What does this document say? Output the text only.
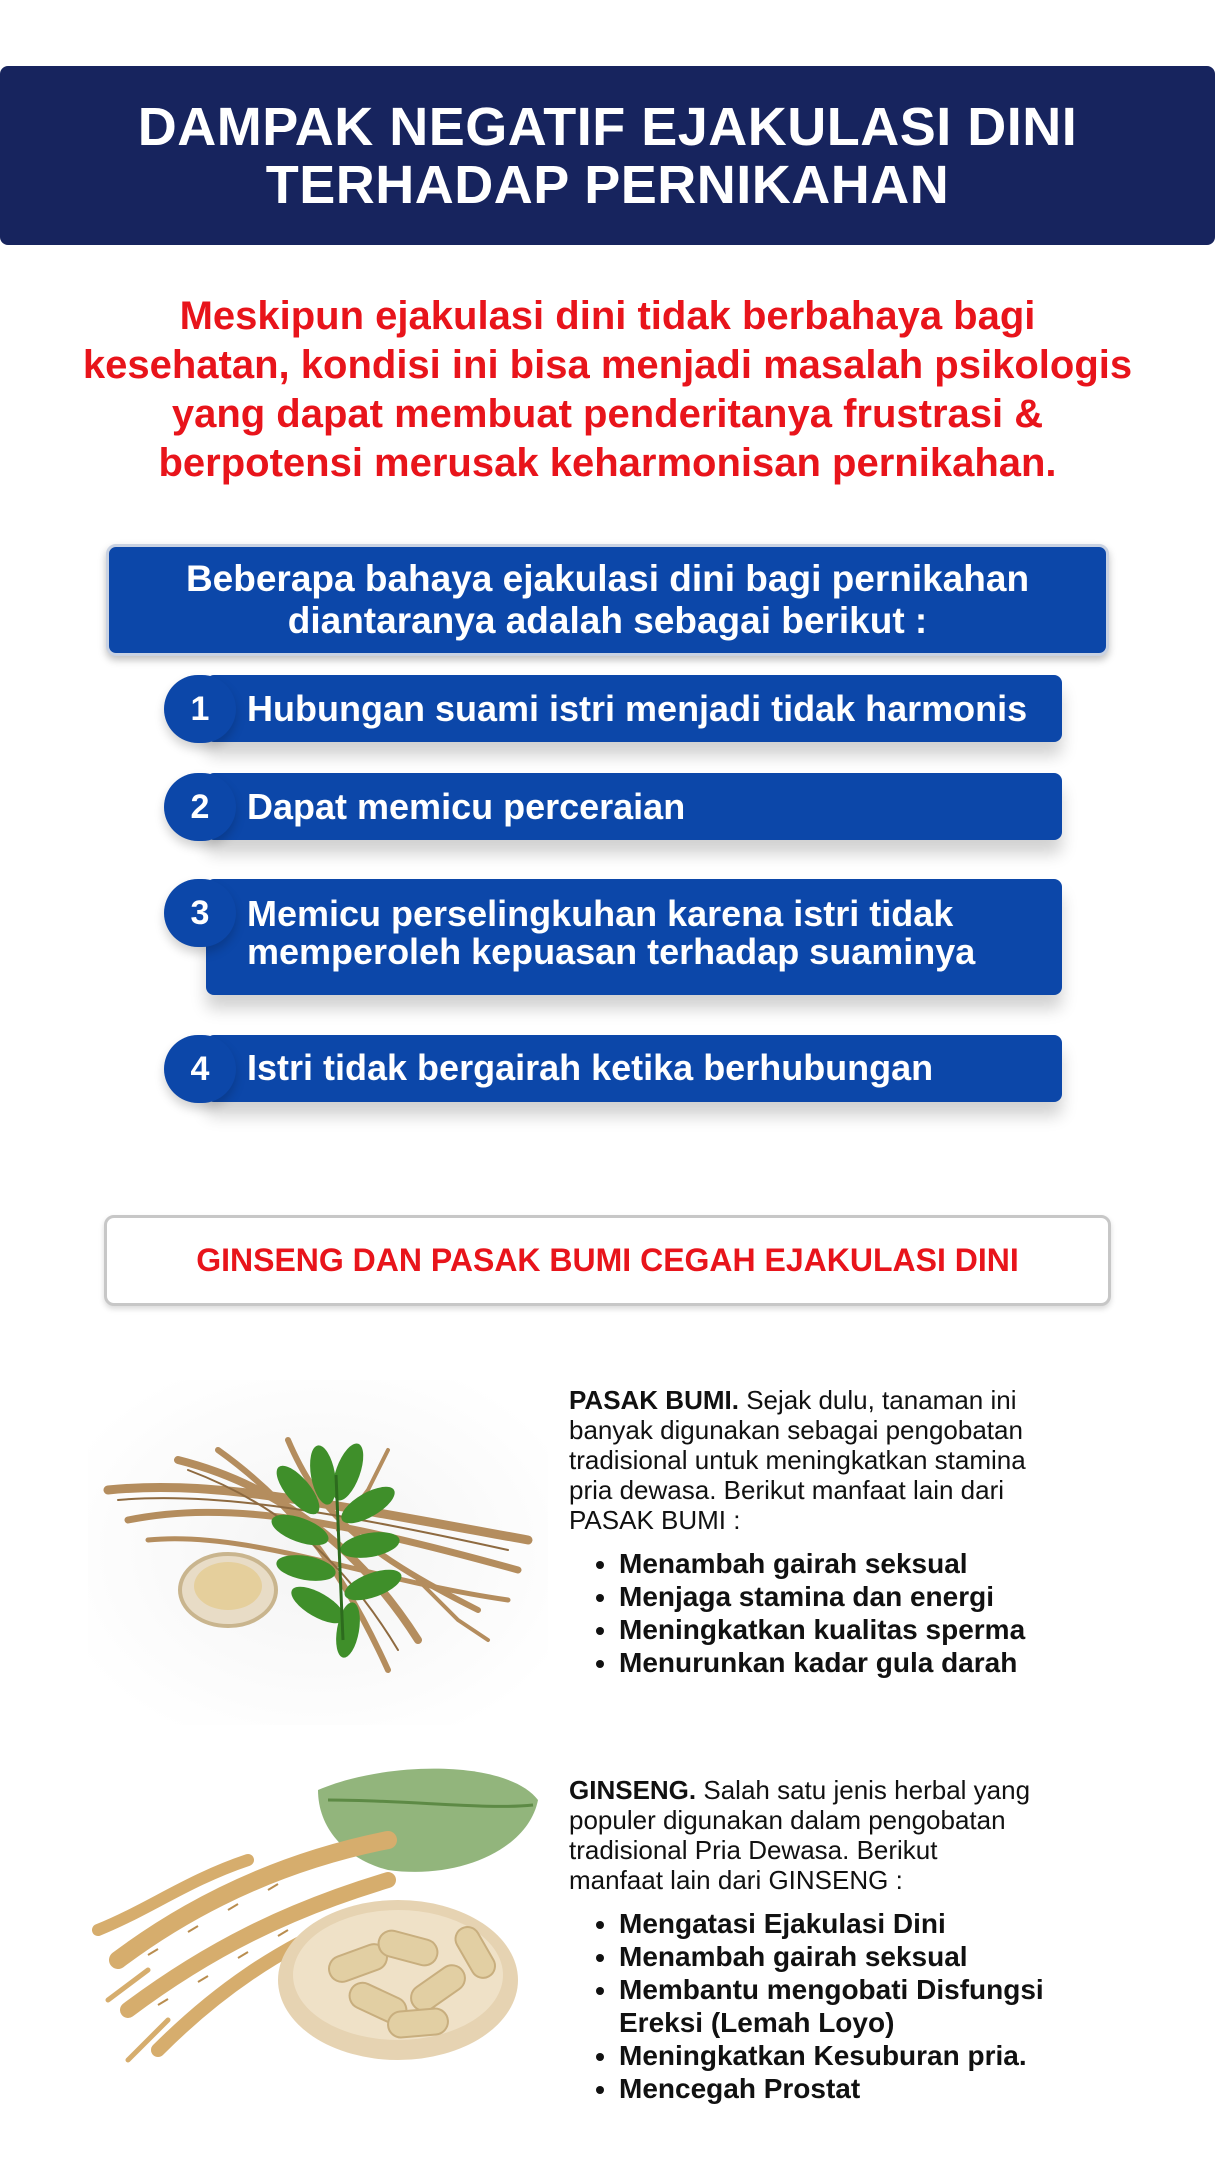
DAMPAK NEGATIF EJAKULASI DINI
TERHADAP PERNIKAHAN

Meskipun ejakulasi dini tidak berbahaya bagi
kesehatan, kondisi ini bisa menjadi masalah psikologis
yang dapat membuat penderitanya frustrasi &
berpotensi merusak keharmonisan pernikahan.

Beberapa bahaya ejakulasi dini bagi pernikahan
diantaranya adalah sebagai berikut :

1	Hubungan suami istri menjadi tidak harmonis
2	Dapat memicu perceraian
3	Memicu perselingkuhan karena istri tidak
memperoleh kepuasan terhadap suaminya
4	Istri tidak bergairah ketika berhubungan
GINSENG DAN PASAK BUMI CEGAH EJAKULASI DINI

PASAK BUMI. Sejak dulu, tanaman ini
banyak digunakan sebagai pengobatan
tradisional untuk meningkatkan stamina
pria dewasa. Berikut manfaat lain dari
PASAK BUMI :

• Menambah gairah seksual
• Menjaga stamina dan energi
• Meningkatkan kualitas sperma
• Menurunkan kadar gula darah

GINSENG. Salah satu jenis herbal yang
populer digunakan dalam pengobatan
tradisional Pria Dewasa. Berikut
manfaat lain dari GINSENG :

• Mengatasi Ejakulasi Dini
• Menambah gairah seksual
• Membantu mengobati Disfungsi
Ereksi (Lemah Loyo)
• Meningkatkan Kesuburan pria.
• Mencegah Prostat
